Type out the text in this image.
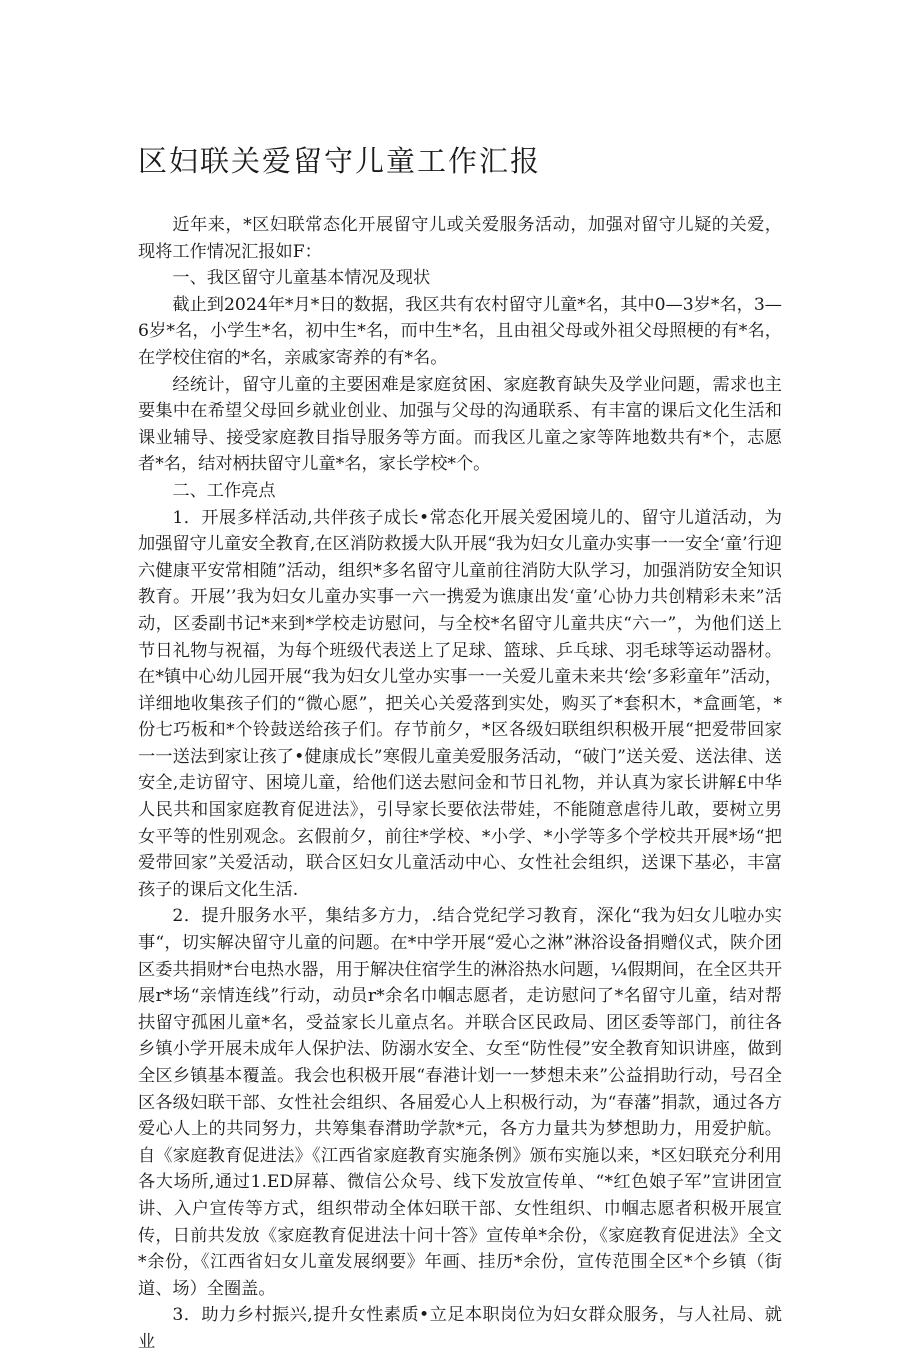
区妇联关爱留守儿童工作汇报

近年来，*区妇联常态化开展留守儿或关爱服务活动，加强对留守儿疑的关爱，现将工作情况汇报如F：

一、我区留守儿童基本情况及现状

截止到2024年*月*日的数据，我区共有农村留守儿童*名，其中0—3岁*名，3—6岁*名，小学生*名，初中生*名，而中生*名，且由祖父母或外祖父母照梗的有*名，在学校住宿的*名，亲戚家寄养的有*名。

经统计，留守儿童的主要困难是家庭贫困、家庭教育缺失及学业问题，需求也主要集中在希望父母回乡就业创业、加强与父母的沟通联系、有丰富的课后文化生活和课业辅导、接受家庭教目指导服务等方面。而我区儿童之家等阵地数共有*个，志愿者*名，结对柄扶留守儿童*名，家长学校*个。

二、工作亮点

1．开展多样活动,共伴孩子成长•常态化开展关爱困境儿的、留守儿道活动，为加强留守儿童安全教育,在区消防救援大队开展“我为妇女儿童办实事一一安全‘童’行迎六健康平安常相随”活动，组织*多名留守儿童前往消防大队学习，加强消防安全知识教育。开展’’我为妇女儿童办实事一六一携爱为谯康出发‘童’心协力共创精彩未来”活动，区委副书记*来到*学校走访慰问，与全校*名留守儿童共庆“六一”，为他们送上节日礼物与祝福，为每个班级代表送上了足球、篮球、乒乓球、羽毛球等运动器材。在*镇中心幼儿园开展“我为妇女儿堂办实事一一关爱儿童未来共‘绘‘多彩童年”活动，详细地收集孩子们的“微心愿”，把关心关爱落到实处，购买了*套积木，*盒画笔，*份七巧板和*个铃鼓送给孩子们。存节前夕，*区各级妇联组织积极开展“把爱带回家一一送法到家让孩了•健康成长”寒假儿童美爱服务活动，“破门”送关爱、送法律、送安全,走访留守、困境儿童，给他们送去慰问金和节日礼物，并认真为家长讲解£中华人民共和国家庭教育促进法》，引导家长要依法带娃，不能随意虐待儿敢，要树立男女平等的性别观念。玄假前夕，前往*学校、*小学、*小学等多个学校共开展*场“把爱带回家”关爱活动，联合区妇女儿童活动中心、女性社会组织，送课下基必，丰富孩子的课后文化生活.

2．提升服务水平，集结多方力，.结合党纪学习教育，深化“我为妇女儿啦办实事“，切实解决留守儿童的问题。在*中学开展“爱心之淋”淋浴设备捐赠仪式，陕介团区委共捐财*台电热水器，用于解决住宿学生的淋浴热水问题，¼假期间，在全区共开展r*场“亲情连线”行动，动员r*余名巾帼志愿者，走访慰问了*名留守儿童，结对帮扶留守孤困儿童*名，受益家长儿童点名。并联合区民政局、团区委等部门，前往各乡镇小学开展未成年人保护法、防溺水安全、女至“防性侵”安全教育知识讲座，做到全区乡镇基本覆盖。我会也积极开展“春港计划一一梦想未来”公益捐助行动，号召全区各级妇联干部、女性社会组织、各届爱心人上积极行动，为“春藩”捐款，通过各方爱心人上的共同努力，共筹集春潸助学款*元，各方力量共为梦想助力，用爱护航。自《家庭教育促进法》《江西省家庭教育实施条例》颁布实施以来，*区妇联充分利用各大场所,通过1.ED屏幕、微信公众号、线下发放宣传单、“*红色娘子军”宣讲团宣讲、入户宣传等方式，组织带动全体妇联干部、女性组织、巾帼志愿者积极开展宣传，日前共发放《家庭教育促进法十问十答》宣传单*余份，《家庭教育促进法》全文*余份，《江西省妇女儿童发展纲要》年画、挂历*余份，宣传范围全区*个乡镇（街道、场）全圈盖。

3．助力乡村振兴,提升女性素质•立足本职岗位为妇女群众服务，与人社局、就业
